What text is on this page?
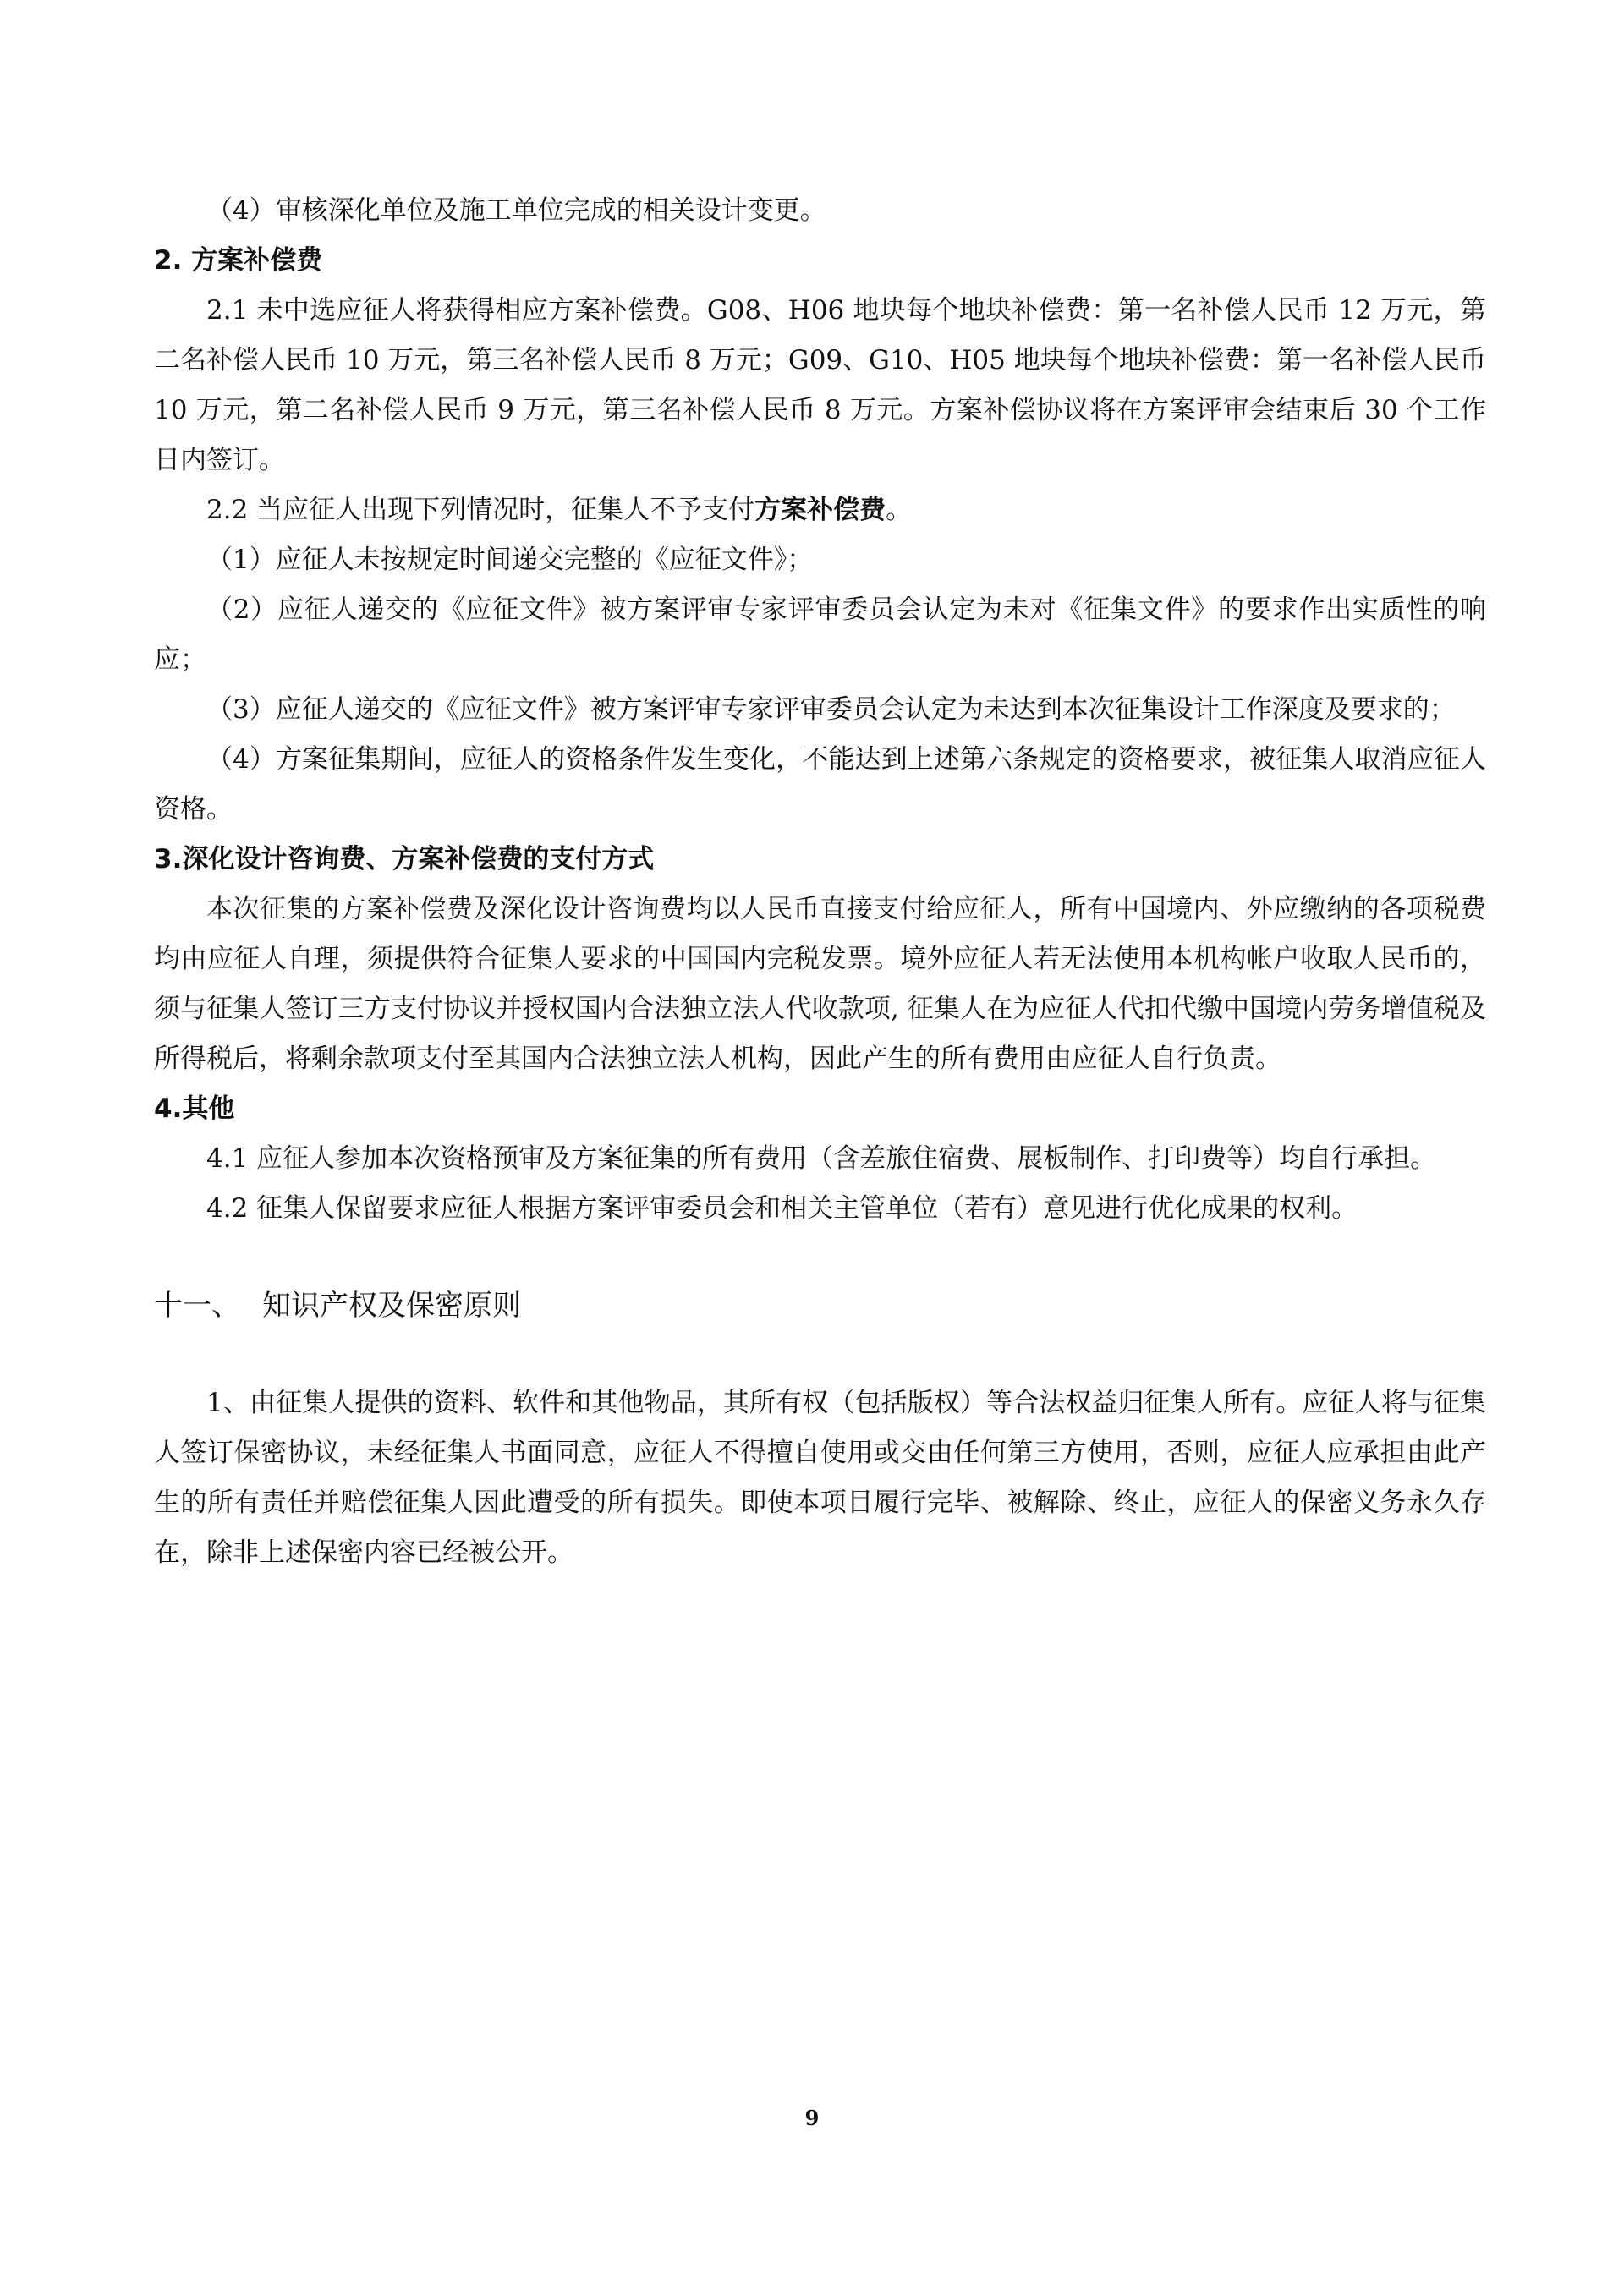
（4）审核深化单位及施工单位完成的相关设计变更。

2. 方案补偿费

2.1 未中选应征人将获得相应方案补偿费。G08、H06 地块每个地块补偿费：第一名补偿人民币 12 万元，第二名补偿人民币 10 万元，第三名补偿人民币 8 万元；G09、G10、H05 地块每个地块补偿费：第一名补偿人民币 10 万元，第二名补偿人民币 9 万元，第三名补偿人民币 8 万元。方案补偿协议将在方案评审会结束后 30 个工作日内签订。

2.2 当应征人出现下列情况时，征集人不予支付方案补偿费。

（1）应征人未按规定时间递交完整的《应征文件》；

（2）应征人递交的《应征文件》被方案评审专家评审委员会认定为未对《征集文件》的要求作出实质性的响应；

（3）应征人递交的《应征文件》被方案评审专家评审委员会认定为未达到本次征集设计工作深度及要求的；

（4）方案征集期间，应征人的资格条件发生变化，不能达到上述第六条规定的资格要求，被征集人取消应征人资格。

3.深化设计咨询费、方案补偿费的支付方式

本次征集的方案补偿费及深化设计咨询费均以人民币直接支付给应征人，所有中国境内、外应缴纳的各项税费均由应征人自理，须提供符合征集人要求的中国国内完税发票。境外应征人若无法使用本机构帐户收取人民币的，须与征集人签订三方支付协议并授权国内合法独立法人代收款项, 征集人在为应征人代扣代缴中国境内劳务增值税及所得税后，将剩余款项支付至其国内合法独立法人机构，因此产生的所有费用由应征人自行负责。

4.其他

4.1 应征人参加本次资格预审及方案征集的所有费用（含差旅住宿费、展板制作、打印费等）均自行承担。

4.2 征集人保留要求应征人根据方案评审委员会和相关主管单位（若有）意见进行优化成果的权利。

十一、 知识产权及保密原则

1、由征集人提供的资料、软件和其他物品，其所有权（包括版权）等合法权益归征集人所有。应征人将与征集人签订保密协议，未经征集人书面同意，应征人不得擅自使用或交由任何第三方使用，否则，应征人应承担由此产生的所有责任并赔偿征集人因此遭受的所有损失。即使本项目履行完毕、被解除、终止，应征人的保密义务永久存在，除非上述保密内容已经被公开。

9
